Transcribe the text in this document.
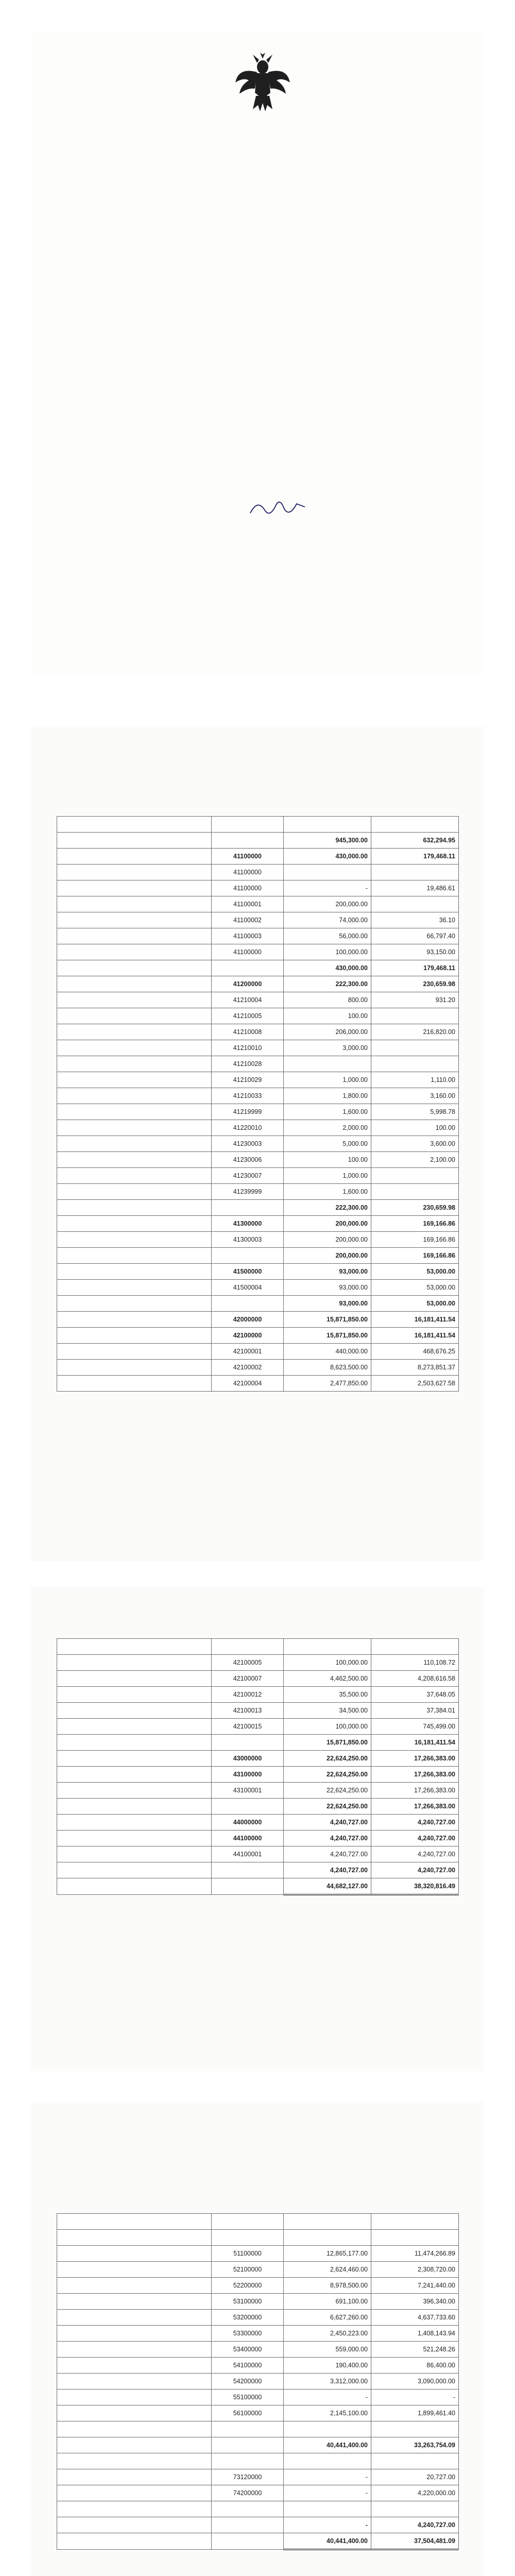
		945,300.00	632,294.95
	41100000	430,000.00	179,468.11
	41100000		
	41100000	-	19,486.61
	41100001	200,000.00	
	41100002	74,000.00	36.10
	41100003	56,000.00	66,797.40
	41100000	100,000.00	93,150.00
		430,000.00	179,468.11
	41200000	222,300.00	230,659.98
	41210004	800.00	931.20
	41210005	100.00	
	41210008	206,000.00	216,820.00
	41210010	3,000.00	
	41210028		
	41210029	1,000.00	1,110.00
	41210033	1,800.00	3,160.00
	41219999	1,600.00	5,998.78
	41220010	2,000.00	100.00
	41230003	5,000.00	3,600.00
	41230006	100.00	2,100.00
	41230007	1,000.00	
	41239999	1,600.00	
		222,300.00	230,659.98
	41300000	200,000.00	169,166.86
	41300003	200,000.00	169,166.86
		200,000.00	169,166.86
	41500000	93,000.00	53,000.00
	41500004	93,000.00	53,000.00
		93,000.00	53,000.00
	42000000	15,871,850.00	16,181,411.54
	42100000	15,871,850.00	16,181,411.54
	42100001	440,000.00	468,676.25
	42100002	8,623,500.00	8,273,851.37
	42100004	2,477,850.00	2,503,627.58

	42100005	100,000.00	110,108.72
	42100007	4,462,500.00	4,208,616.58
	42100012	35,500.00	37,648.05
	42100013	34,500.00	37,384.01
	42100015	100,000.00	745,499.00
		15,871,850.00	16,181,411.54
	43000000	22,624,250.00	17,266,383.00
	43100000	22,624,250.00	17,266,383.00
	43100001	22,624,250.00	17,266,383.00
		22,624,250.00	17,266,383.00
	44000000	4,240,727.00	4,240,727.00
	44100000	4,240,727.00	4,240,727.00
	44100001	4,240,727.00	4,240,727.00
		4,240,727.00	4,240,727.00
		44,682,127.00	38,320,816.49

	51100000	12,865,177.00	11,474,266.89
	52100000	2,624,460.00	2,308,720.00
	52200000	8,978,500.00	7,241,440.00
	53100000	691,100.00	396,340.00
	53200000	6,627,260.00	4,637,733.60
	53300000	2,450,223.00	1,408,143.94
	53400000	559,000.00	521,248.26
	54100000	190,400.00	86,400.00
	54200000	3,312,000.00	3,090,000.00
	55100000	-	-
	56100000	2,145,100.00	1,899,461.40

		40,441,400.00	33,263,754.09

	73120000	-	20,727.00
	74200000	-	4,220,000.00

		-	4,240,727.00
		40,441,400.00	37,504,481.09
